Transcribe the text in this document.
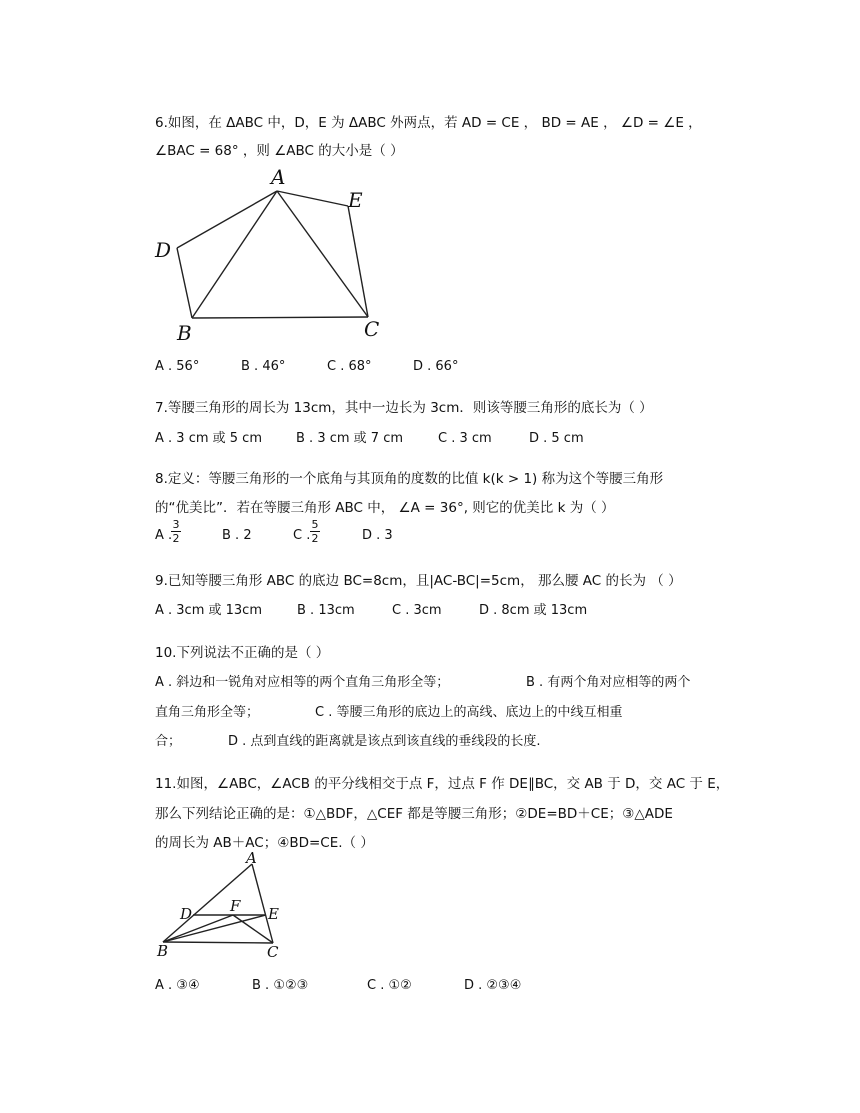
6.如图，在 ΔABC 中，D，E 为 ΔABC 外两点，若 AD = CE ， BD = AE ， ∠D = ∠E ，
∠BAC = 68° ，则 ∠ABC 的大小是（ ）
A
E
D
B	C
A . 56°	B . 46°	C . 68°	D . 66°
7.等腰三角形的周长为 13cm，其中一边长为 3cm．则该等腰三角形的底长为（ ）
A . 3 cm 或 5 cm	B . 3 cm 或 7 cm	C . 3 cm	D . 5 cm
8.定义：等腰三角形的一个底角与其顶角的度数的比值 k(k > 1) 称为这个等腰三角形
的“优美比”．若在等腰三角形 ABC 中， ∠A = 36°, 则它的优美比 k 为（ ）
A .
$\frac{3}{2}$	B . 2	C . $\frac{5}{2}$	D . 3
9.已知等腰三角形 ABC 的底边 BC=8cm，且|AC-BC|=5cm， 那么腰 AC 的长为 （ ）
A . 3cm 或 13cm	B . 13cm	C . 3cm	D . 8cm 或 13cm
10.下列说法不正确的是（ ）
A . 斜边和一锐角对应相等的两个直角三角形全等；	B . 有两个角对应相等的两个
直角三角形全等；	C . 等腰三角形的底边上的高线、底边上的中线互相重
合；	D . 点到直线的距离就是该点到该直线的垂线段的长度.
11.如图，∠ABC，∠ACB 的平分线相交于点 F，过点 F 作 DE∥BC，交 AB 于 D，交 AC 于 E，
那么下列结论正确的是：①△BDF，△CEF 都是等腰三角形；②DE=BD＋CE；③△ADE
的周长为 AB＋AC；④BD=CE.（ ）
A
D	F E
B	C
A . ③④	B . ①②③	C . ①②	D . ②③④
